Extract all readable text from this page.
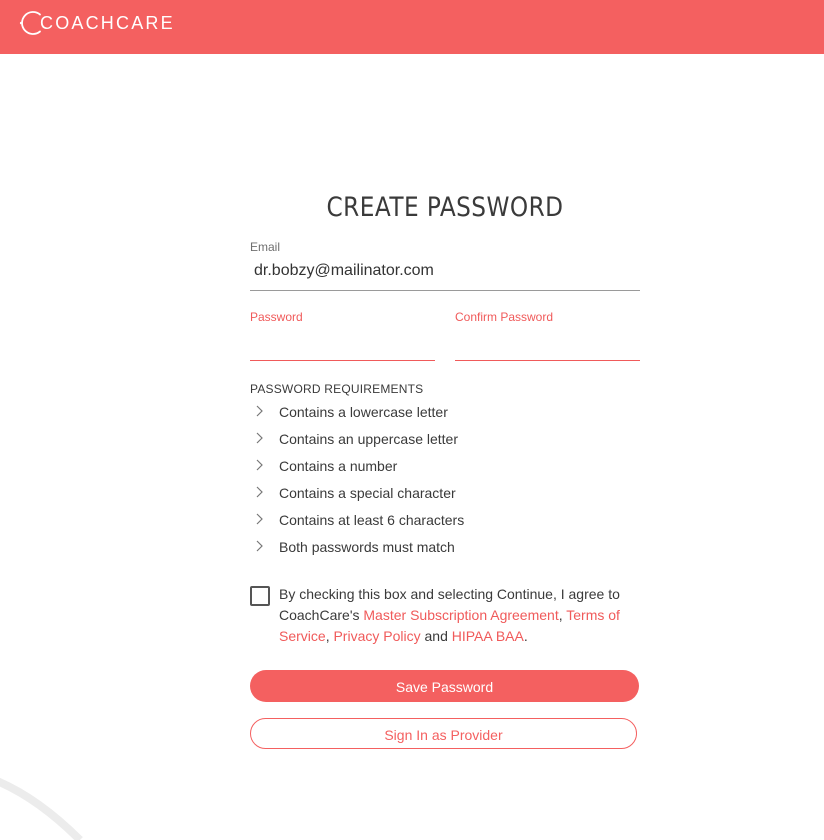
COACHCARE
CREATE PASSWORD
Email
dr.bobzy@mailinator.com
Password	Confirm Password
PASSWORD REQUIREMENTS
Contains a lowercase letter
Contains an uppercase letter
Contains a number
Contains a special character
Contains at least 6 characters
Both passwords must match
By checking this box and selecting Continue, I agree to CoachCare's Master Subscription Agreement, Terms of Service, Privacy Policy and HIPAA BAA.
Save Password
Sign In as Provider
